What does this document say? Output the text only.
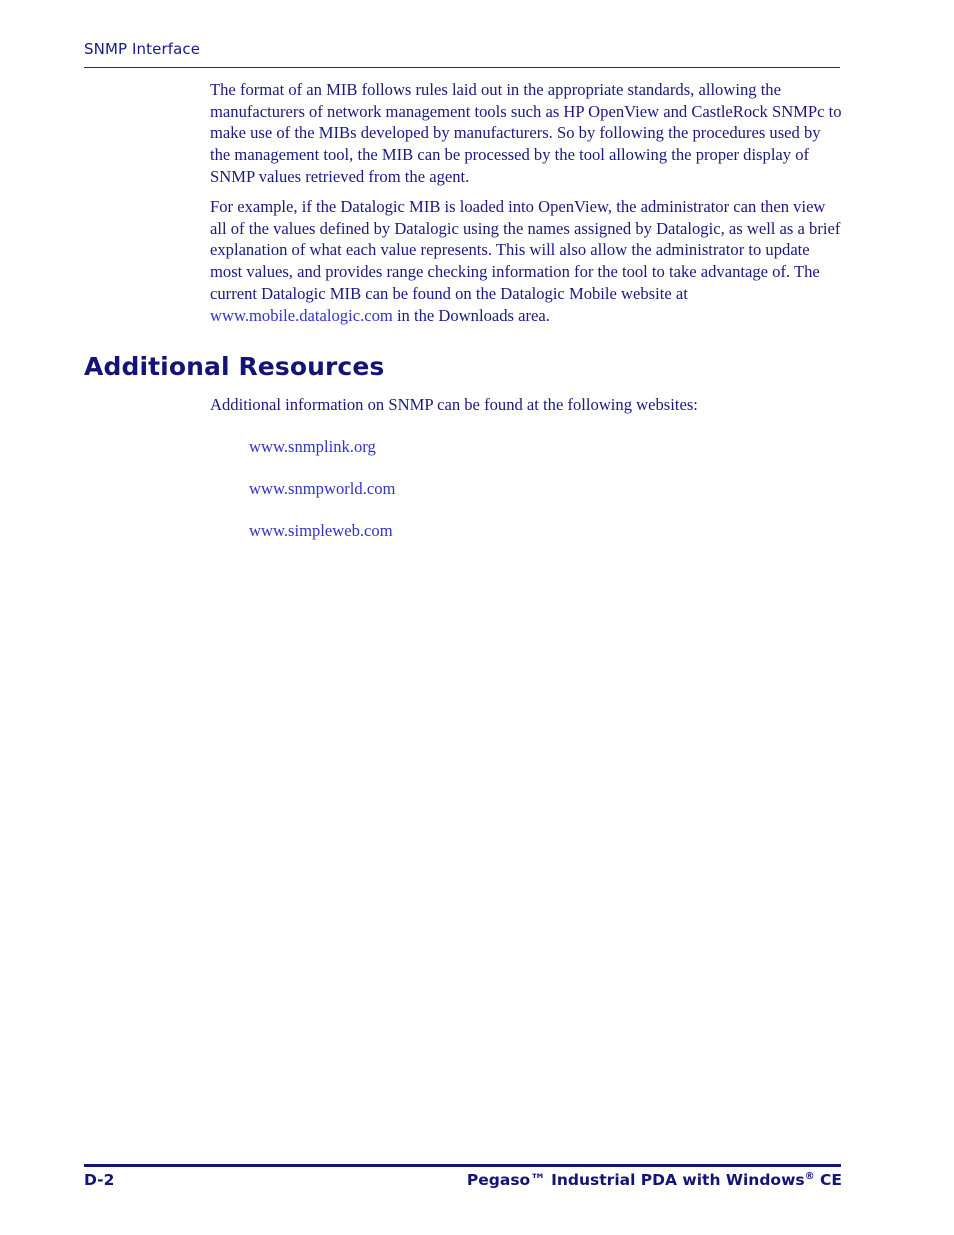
SNMP Interface

The format of an MIB follows rules laid out in the appropriate standards, allowing the manufacturers of network management tools such as HP OpenView and CastleRock SNMPc to make use of the MIBs developed by manufacturers. So by following the procedures used by the management tool, the MIB can be processed by the tool allowing the proper display of SNMP values retrieved from the agent.

For example, if the Datalogic MIB is loaded into OpenView, the administrator can then view all of the values defined by Datalogic using the names assigned by Datalogic, as well as a brief explanation of what each value represents. This will also allow the administrator to update most values, and provides range checking information for the tool to take advantage of. The current Datalogic MIB can be found on the Datalogic Mobile website at www.mobile.datalogic.com in the Downloads area.

Additional Resources

Additional information on SNMP can be found at the following websites:

www.snmplink.org
www.snmpworld.com
www.simpleweb.com
D-2	Pegaso™ Industrial PDA with Windows® CE
